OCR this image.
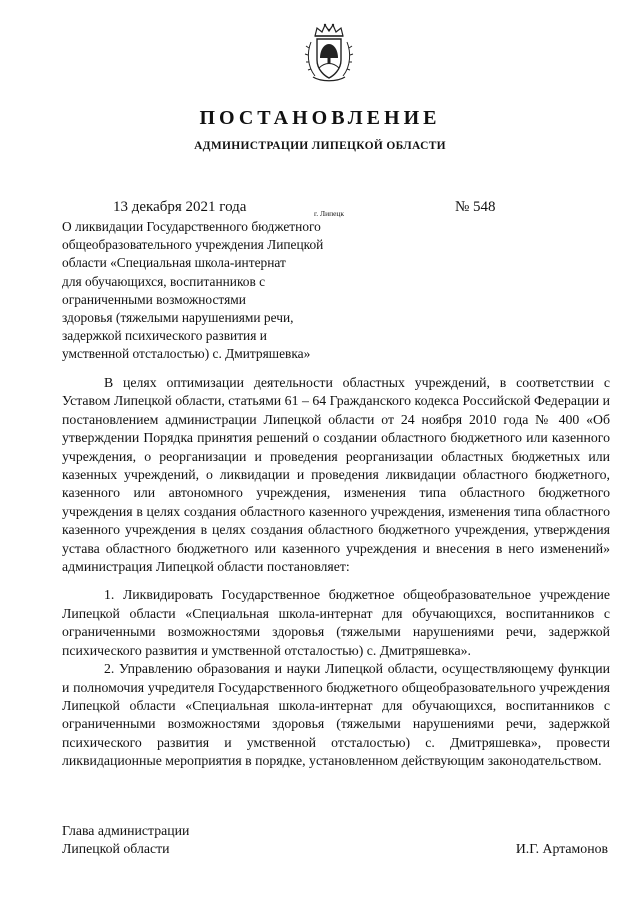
ПОСТАНОВЛЕНИЕ
АДМИНИСТРАЦИИ ЛИПЕЦКОЙ ОБЛАСТИ
13 декабря 2021 года	г. Липецк	№ 548
О ликвидации Государственного бюджетного
общеобразовательного учреждения Липецкой
области «Специальная школа-интернат
для обучающихся, воспитанников с
ограниченными возможностями
здоровья (тяжелыми нарушениями речи,
задержкой психического развития и
умственной отсталостью) с. Дмитряшевка»

В целях оптимизации деятельности областных учреждений, в соответствии с Уставом Липецкой области, статьями 61 – 64 Гражданского кодекса Российской Федерации и постановлением администрации Липецкой области от 24 ноября 2010 года № 400 «Об утверждении Порядка принятия решений о создании областного бюджетного или казенного учреждения, о реорганизации и проведения реорганизации областных бюджетных или казенных учреждений, о ликвидации и проведения ликвидации областного бюджетного, казенного или автономного учреждения, изменения типа областного бюджетного учреждения в целях создания областного казенного учреждения, изменения типа областного казенного учреждения в целях создания областного бюджетного учреждения, утверждения устава областного бюджетного или казенного учреждения и внесения в него изменений» администрация Липецкой области постановляет:

1. Ликвидировать Государственное бюджетное общеобразовательное учреждение Липецкой области «Специальная школа-интернат для обучающихся, воспитанников с ограниченными возможностями здоровья (тяжелыми нарушениями речи, задержкой психического развития и умственной отсталостью) с. Дмитряшевка».

2. Управлению образования и науки Липецкой области, осуществляющему функции и полномочия учредителя Государственного бюджетного общеобразовательного учреждения Липецкой области «Специальная школа-интернат для обучающихся, воспитанников с ограниченными возможностями здоровья (тяжелыми нарушениями речи, задержкой психического развития и умственной отсталостью) с. Дмитряшевка», провести ликвидационные мероприятия в порядке, установленном действующим законодательством.

Глава администрации
Липецкой области	И.Г. Артамонов
